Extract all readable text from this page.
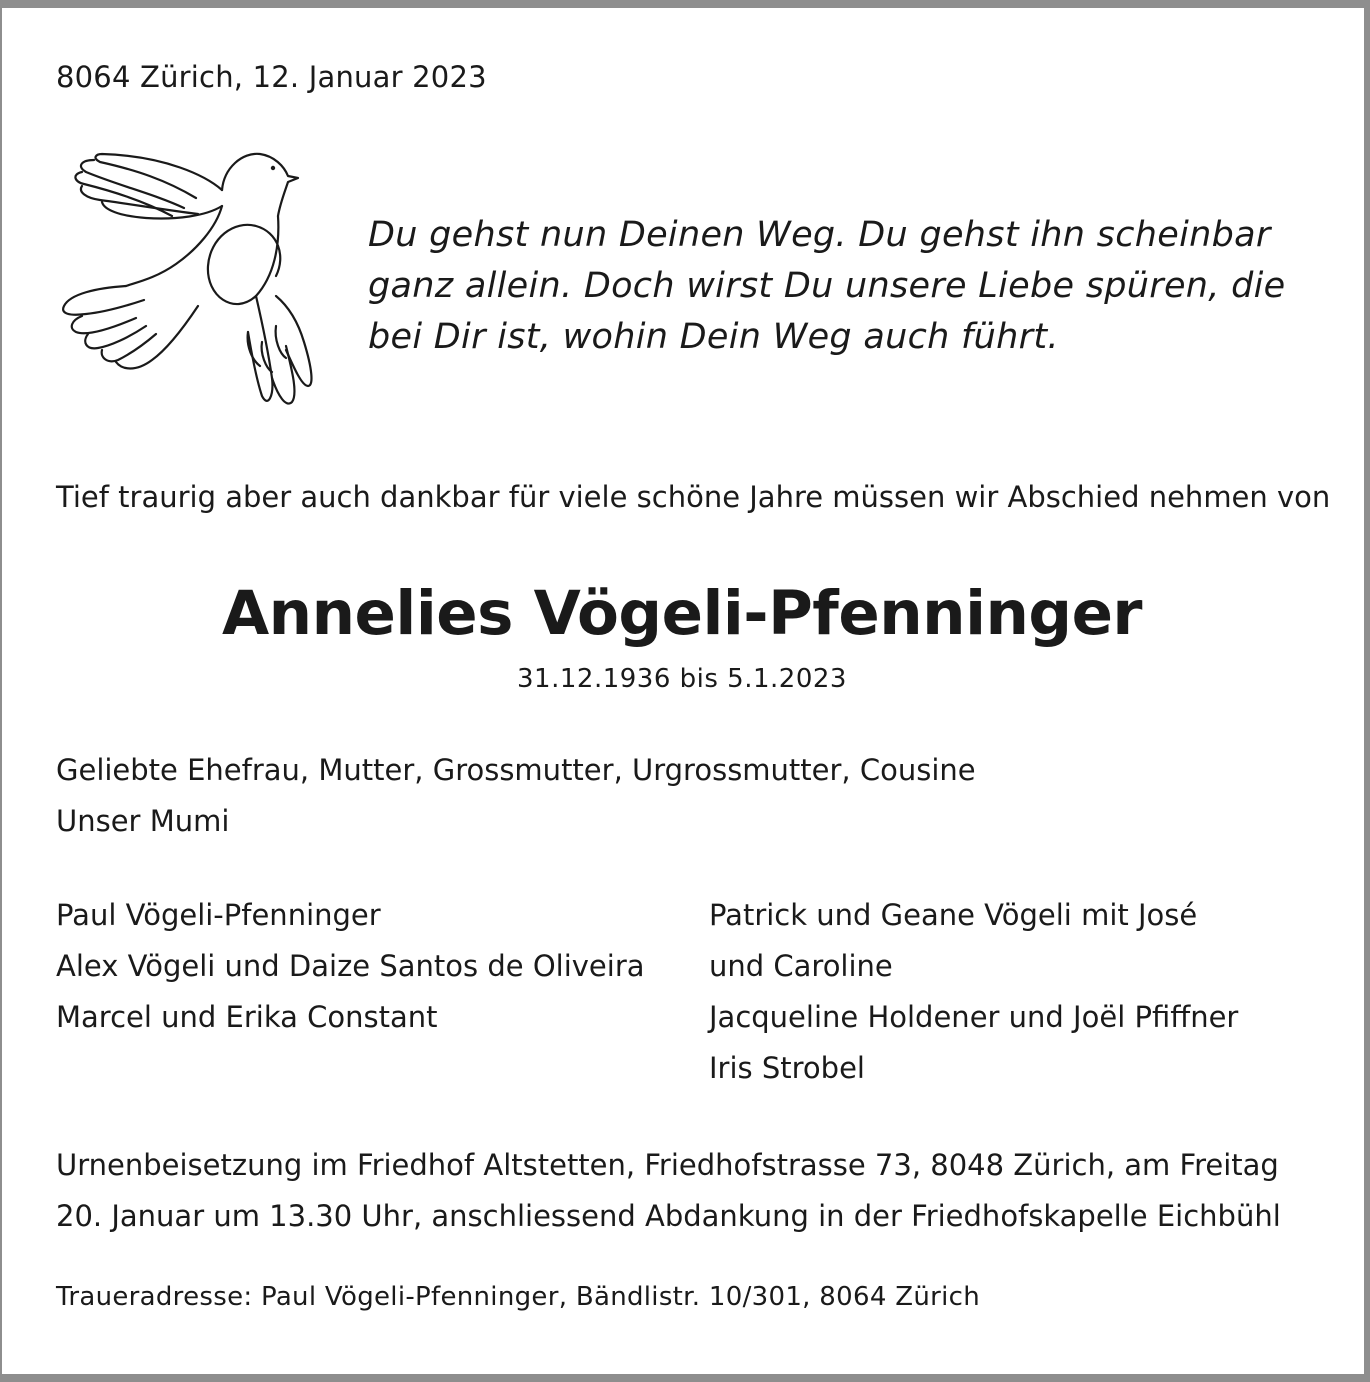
8064 Zürich, 12. Januar 2023

Du gehst nun Deinen Weg. Du gehst ihn scheinbar
ganz allein. Doch wirst Du unsere Liebe spüren, die
bei Dir ist, wohin Dein Weg auch führt.

Tief traurig aber auch dankbar für viele schöne Jahre müssen wir Abschied nehmen von

Annelies Vögeli-Pfenninger

31.12.1936 bis 5.1.2023

Geliebte Ehefrau, Mutter, Grossmutter, Urgrossmutter, Cousine
Unser Mumi
Paul Vögeli-Pfenninger
Alex Vögeli und Daize Santos de Oliveira
Marcel und Erika Constant
Patrick und Geane Vögeli mit José
und Caroline
Jacqueline Holdener und Joël Pfiffner
Iris Strobel
Urnenbeisetzung im Friedhof Altstetten, Friedhofstrasse 73, 8048 Zürich, am Freitag
20. Januar um 13.30 Uhr, anschliessend Abdankung in der Friedhofskapelle Eichbühl

Traueradresse: Paul Vögeli-Pfenninger, Bändlistr. 10/301, 8064 Zürich
